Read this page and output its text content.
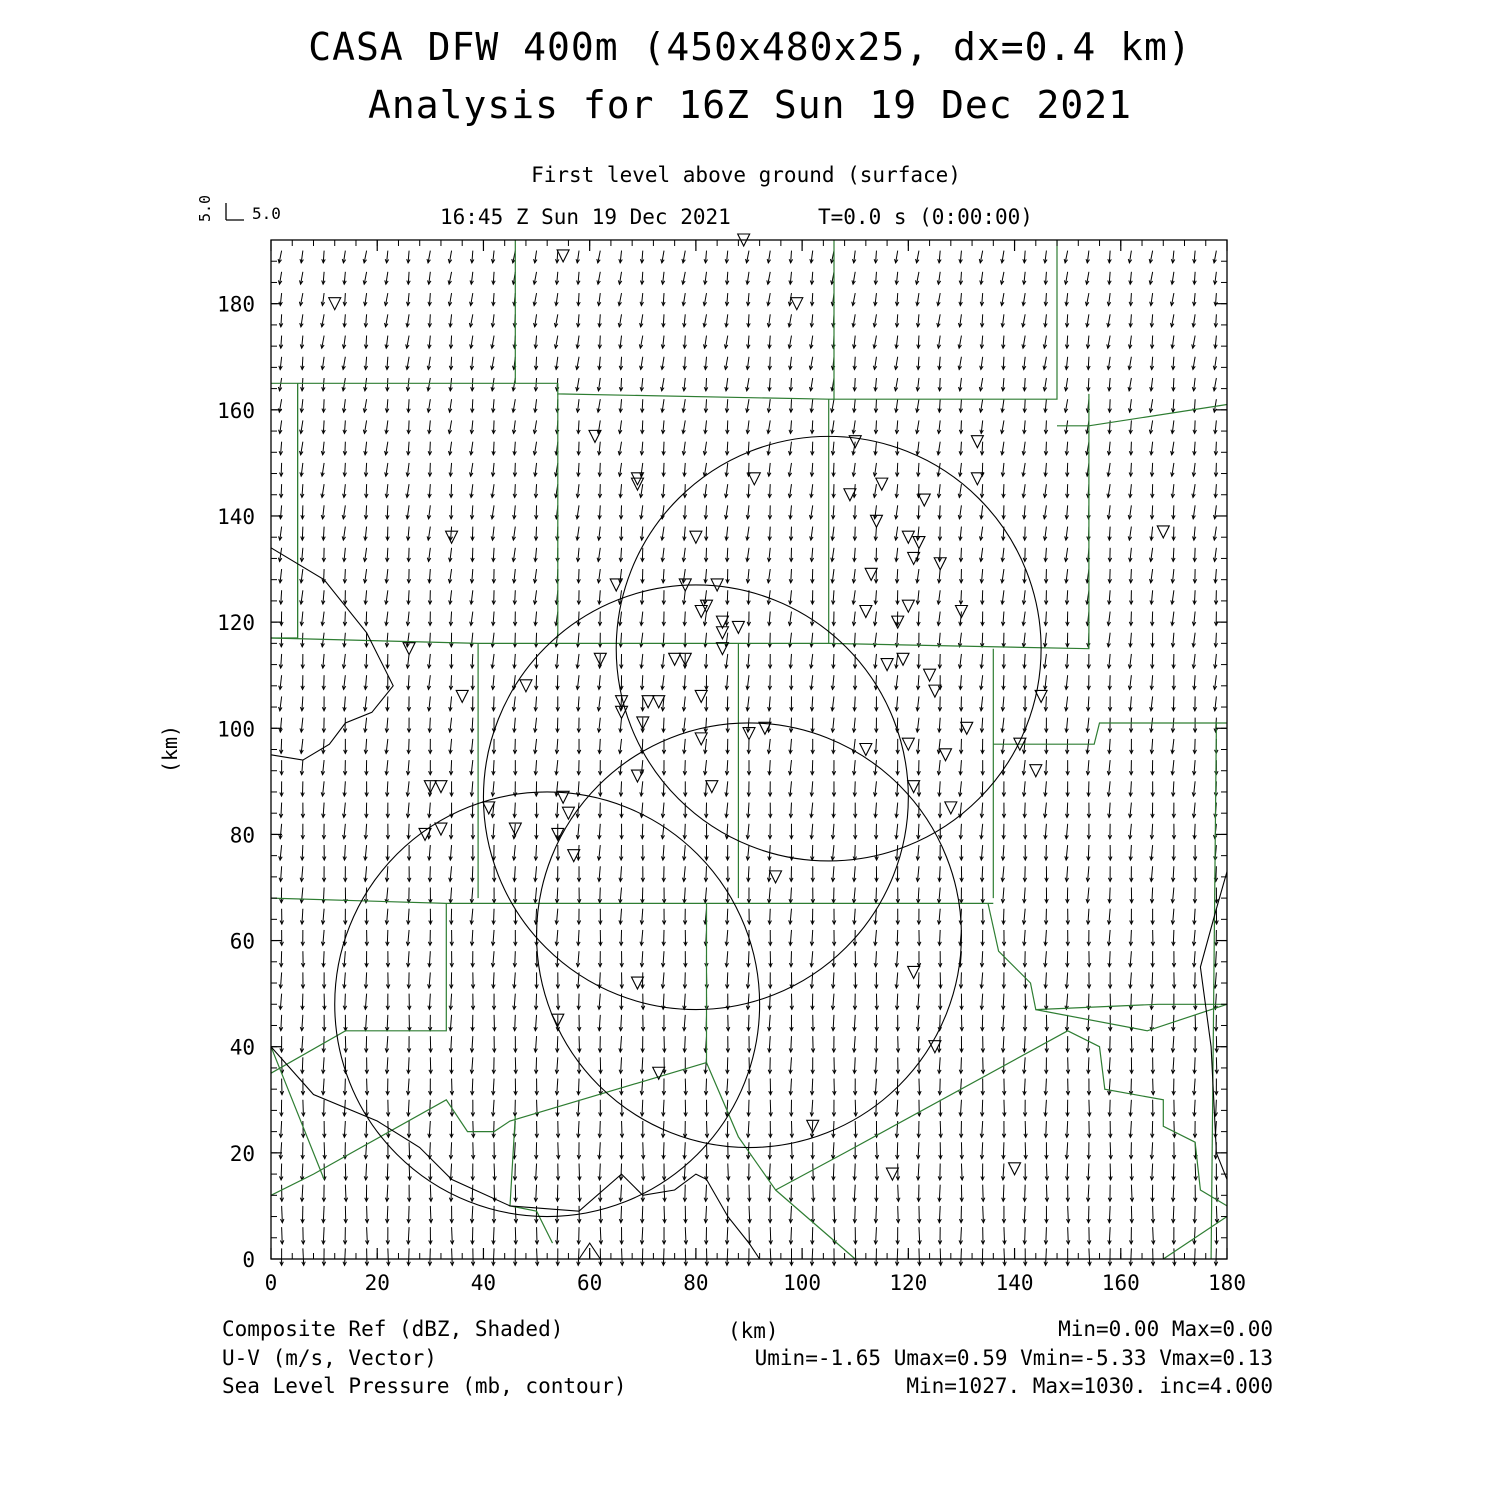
CASA DFW 400m (450x480x25, dx=0.4 km)
Analysis for 16Z Sun 19 Dec 2021
First level above ground (surface)
16:45 Z Sun 19 Dec 2021	T=0.0 s (0:00:00)
5.0 5.0
0	20	40	60	80	100	120	140	160	180
0
20
40
60
80
100
120
140
160
180
(km)
(km)
Composite Ref (dBZ, Shaded)	Min=0.00 Max=0.00
U-V (m/s, Vector)	Umin=-1.65 Umax=0.59 Vmin=-5.33 Vmax=0.13
Sea Level Pressure (mb, contour)	Min=1027. Max=1030. inc=4.000
